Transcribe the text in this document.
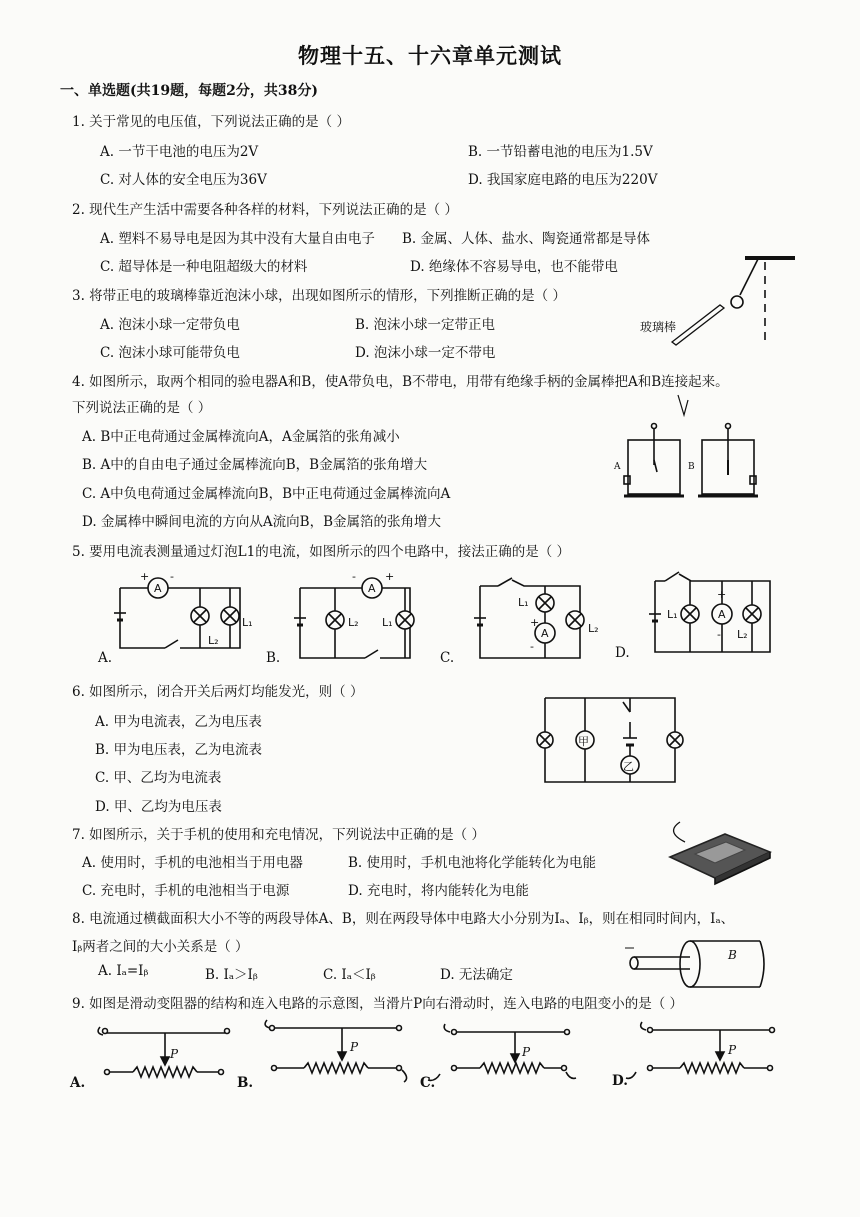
物理十五、十六章单元测试
一、单选题(共19题，每题2分，共38分)
1. 关于常见的电压值，下列说法正确的是（ ）
A. 一节干电池的电压为2V	B. 一节铅蓄电池的电压为1.5V
C. 对人体的安全电压为36V	D. 我国家庭电路的电压为220V
2. 现代生产生活中需要各种各样的材料，下列说法正确的是（ ）
A. 塑料不易导电是因为其中没有大量自由电子 B. 金属、人体、盐水、陶瓷通常都是导体
C. 超导体是一种电阻超级大的材料	D. 绝缘体不容易导电，也不能带电
3. 将带正电的玻璃棒靠近泡沫小球，出现如图所示的情形，下列推断正确的是（ ）
A. 泡沫小球一定带负电	B. 泡沫小球一定带正电
C. 泡沫小球可能带负电	D. 泡沫小球一定不带电
玻璃棒
4. 如图所示，取两个相同的验电器A和B，使A带负电，B不带电，用带有绝缘手柄的金属棒把A和B连接起来。
下列说法正确的是（ ）
A. B中正电荷通过金属棒流向A，A金属箔的张角减小
B. A中的自由电子通过金属棒流向B，B金属箔的张角增大
C. A中负电荷通过金属棒流向B，B中正电荷通过金属棒流向A
D. 金属棒中瞬间电流的方向从A流向B，B金属箔的张角增大
A	B
5. 要用电流表测量通过灯泡L1的电流，如图所示的四个电路中，接法正确的是（ ）
A
+ -
L₁
L₂
A.
A
-	+
L₂ L₁
B.
A
+
-
L₁
L₂
C.
A
+
-
L₁
L₂
D.
6. 如图所示，闭合开关后两灯均能发光，则（ ）
A. 甲为电流表，乙为电压表
B. 甲为电压表，乙为电流表
C. 甲、乙均为电流表
D. 甲、乙均为电压表
甲
乙
7. 如图所示，关于手机的使用和充电情况，下列说法中正确的是（ ）
A. 使用时，手机的电池相当于用电器	B. 使用时，手机电池将化学能转化为电能
C. 充电时，手机的电池相当于电源	D. 充电时，将内能转化为电能
8. 电流通过横截面积大小不等的两段导体A、B，则在两段导体中电路大小分别为Iₐ、Iᵦ，则在相同时间内，Iₐ、
Iᵦ两者之间的大小关系是（ ）
A. Iₐ=Iᵦ	B. Iₐ＞Iᵦ	C. Iₐ＜Iᵦ	D. 无法确定
B
9. 如图是滑动变阻器的结构和连入电路的示意图，当滑片P向右滑动时，连入电路的电阻变小的是（ ）
P
A.
P
B.
P
C.
P
D.
